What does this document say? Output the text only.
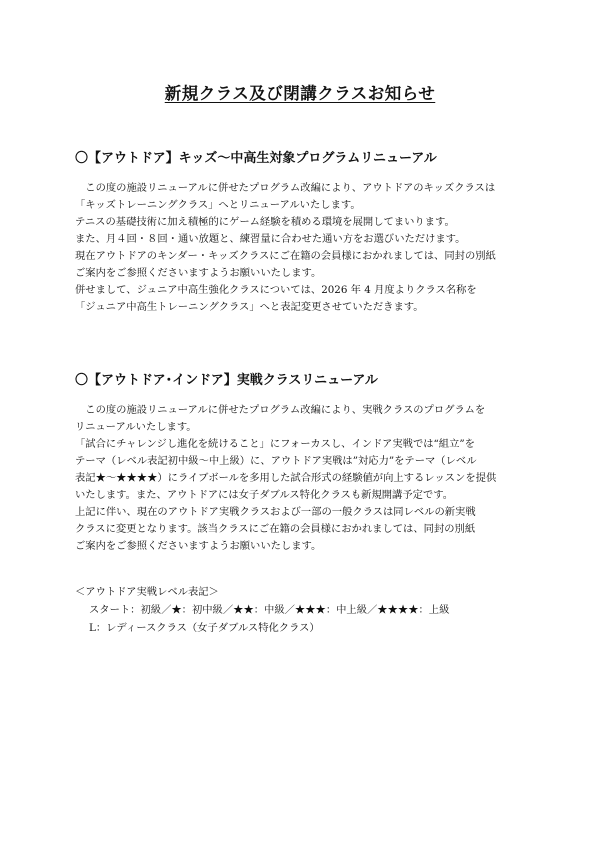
新規クラス及び閉講クラスお知らせ
〇【アウトドア】キッズ〜中高生対象プログラムリニューアル

この度の施設リニューアルに併せたプログラム改編により、アウトドアのキッズクラスは

「キッズトレーニングクラス」へとリニューアルいたします。

テニスの基礎技術に加え積極的にゲーム経験を積める環境を展開してまいります。

また、月４回・８回・通い放題と、練習量に合わせた通い方をお選びいただけます。

現在アウトドアのキンダー・キッズクラスにご在籍の会員様におかれましては、同封の別紙

ご案内をご参照くださいますようお願いいたします。

併せまして、ジュニア中高生強化クラスについては、2026 年 4 月度よりクラス名称を

「ジュニア中高生トレーニングクラス」へと表記変更させていただきます。

〇【アウトドア･インドア】実戦クラスリニューアル

この度の施設リニューアルに併せたプログラム改編により、実戦クラスのプログラムを

リニューアルいたします。

「試合にチャレンジし進化を続けること」にフォーカスし、インドア実戦では“組立”を

テーマ（レベル表記初中級〜中上級）に、アウトドア実戦は”対応力”をテーマ（レベル

表記★〜★★★★）にライブボールを多用した試合形式の経験値が向上するレッスンを提供

いたします。また、アウトドアには女子ダブルス特化クラスも新規開講予定です。

上記に伴い、現在のアウトドア実戦クラスおよび一部の一般クラスは同レベルの新実戦

クラスに変更となります。該当クラスにご在籍の会員様におかれましては、同封の別紙

ご案内をご参照くださいますようお願いいたします。

＜アウトドア実戦レベル表記＞

スタート：初級／★：初中級／★★：中級／★★★：中上級／★★★★：上級

L：レディースクラス（女子ダブルス特化クラス）
